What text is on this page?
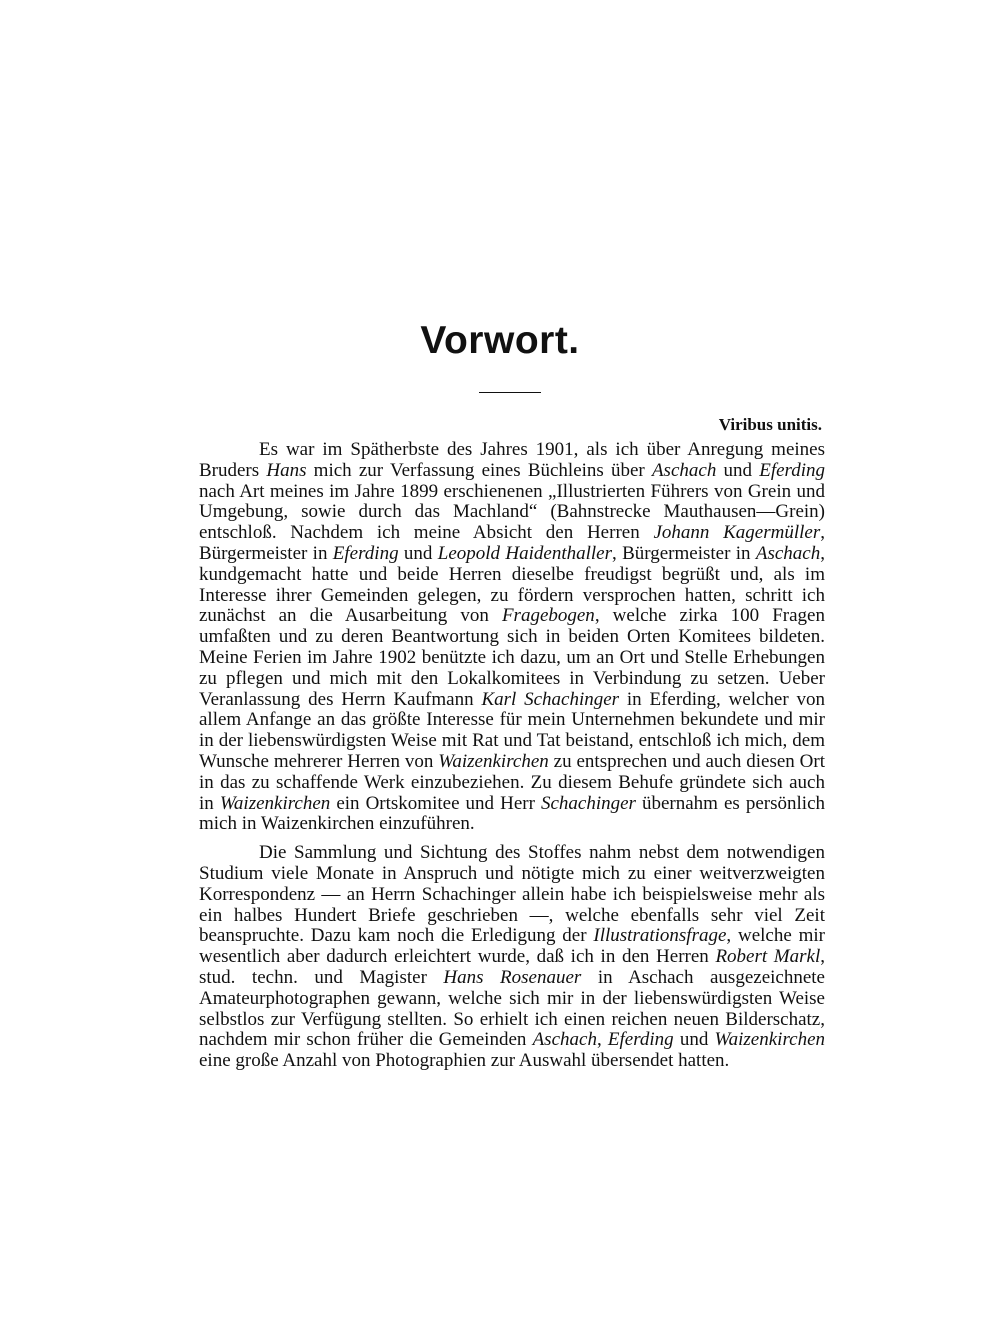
Vorwort.
Viribus unitis.

Es war im Spätherbste des Jahres 1901, als ich über Anregung meines Bruders Hans mich zur Verfassung eines Büchleins über Aschach und Eferding nach Art meines im Jahre 1899 erschienenen „Illustrierten Führers von Grein und Umgebung, sowie durch das Machland“ (Bahnstrecke Mauthausen—Grein) entschloß. Nachdem ich meine Absicht den Herren Johann Kagermüller, Bürgermeister in Eferding und Leopold Haidenthaller, Bürgermeister in Aschach, kundgemacht hatte und beide Herren dieselbe freudigst begrüßt und, als im Interesse ihrer Gemeinden gelegen, zu fördern versprochen hatten, schritt ich zunächst an die Ausarbeitung von Fragebogen, welche zirka 100 Fragen umfaßten und zu deren Beantwortung sich in beiden Orten Komitees bildeten. Meine Ferien im Jahre 1902 benützte ich dazu, um an Ort und Stelle Erhebungen zu pflegen und mich mit den Lokalkomitees in Verbindung zu setzen. Ueber Veranlassung des Herrn Kaufmann Karl Schachinger in Eferding, welcher von allem Anfange an das größte Interesse für mein Unternehmen bekundete und mir in der liebenswürdigsten Weise mit Rat und Tat beistand, entschloß ich mich, dem Wunsche mehrerer Herren von Waizenkirchen zu entsprechen und auch diesen Ort in das zu schaffende Werk einzubeziehen. Zu diesem Behufe gründete sich auch in Waizenkirchen ein Ortskomitee und Herr Schachinger übernahm es persönlich mich in Waizenkirchen einzuführen.

Die Sammlung und Sichtung des Stoffes nahm nebst dem notwendigen Studium viele Monate in Anspruch und nötigte mich zu einer weitverzweigten Korrespondenz — an Herrn Schachinger allein habe ich beispielsweise mehr als ein halbes Hundert Briefe geschrieben —, welche ebenfalls sehr viel Zeit beanspruchte. Dazu kam noch die Erledigung der Illustrationsfrage, welche mir wesentlich aber dadurch erleichtert wurde, daß ich in den Herren Robert Markl, stud. techn. und Magister Hans Rosenauer in Aschach ausgezeichnete Amateurphotographen gewann, welche sich mir in der liebenswürdigsten Weise selbstlos zur Verfügung stellten. So erhielt ich einen reichen neuen Bilderschatz, nachdem mir schon früher die Gemeinden Aschach, Eferding und Waizenkirchen eine große Anzahl von Photographien zur Auswahl übersendet hatten.
